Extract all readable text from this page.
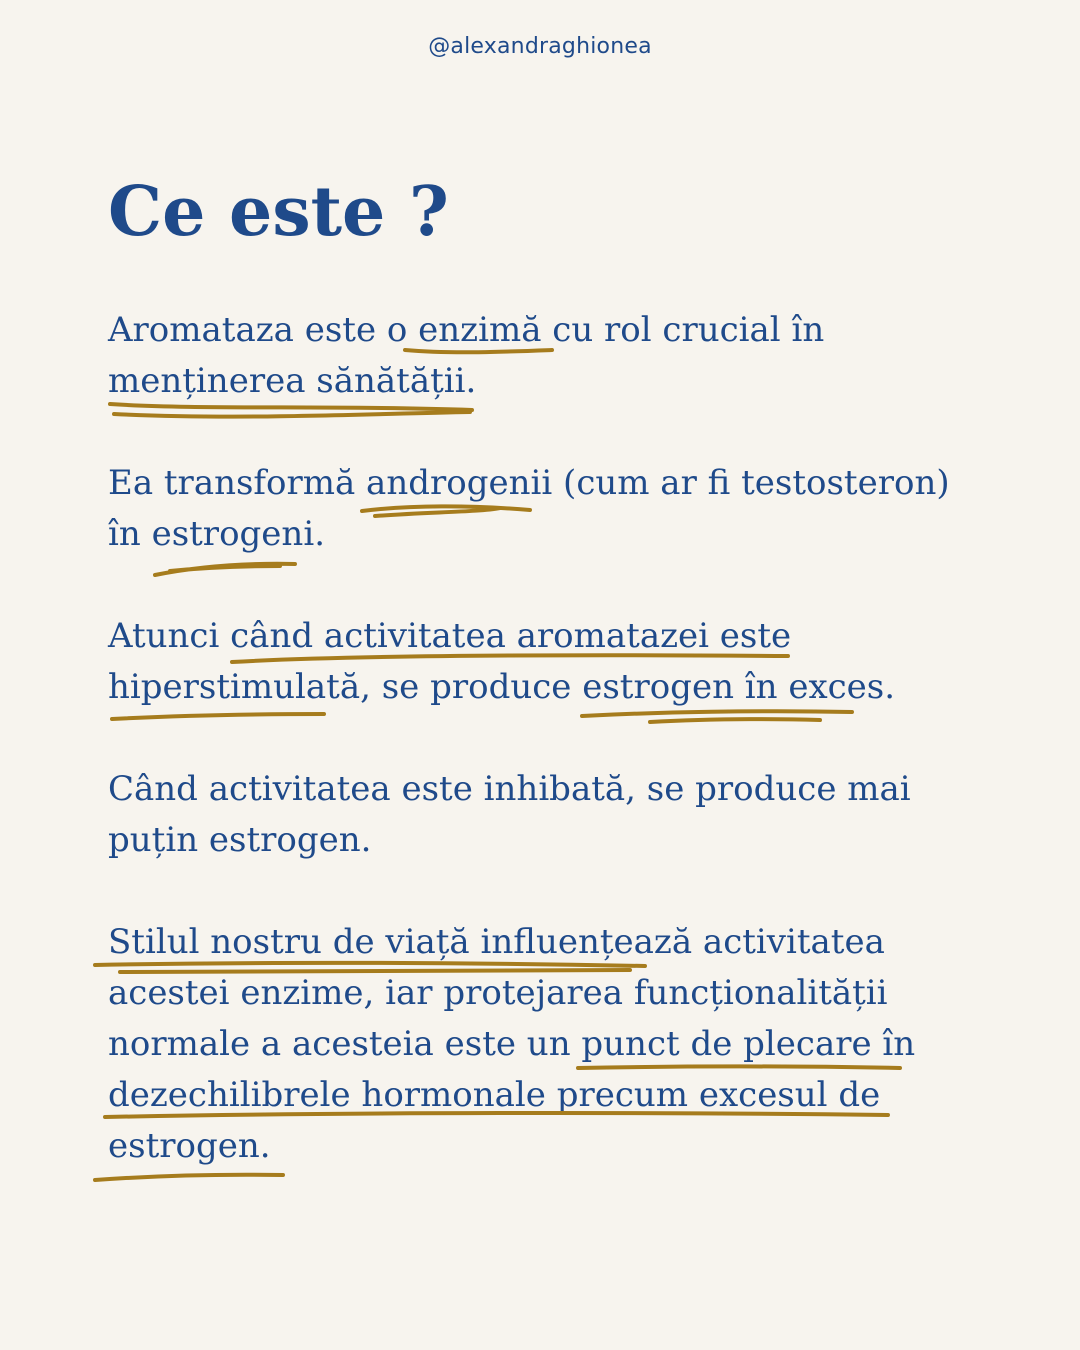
@alexandraghionea
Ce este ?
Aromataza este o enzimă cu rol crucial în
menținerea sănătății.
Ea transformă androgenii (cum ar fi testosteron)
în estrogeni.
Atunci când activitatea aromatazei este
hiperstimulată, se produce estrogen în exces.
Când activitatea este inhibată, se produce mai
puțin estrogen.
Stilul nostru de viață influențează activitatea
acestei enzime, iar protejarea funcționalității
normale a acesteia este un punct de plecare în
dezechilibrele hormonale precum excesul de
estrogen.
